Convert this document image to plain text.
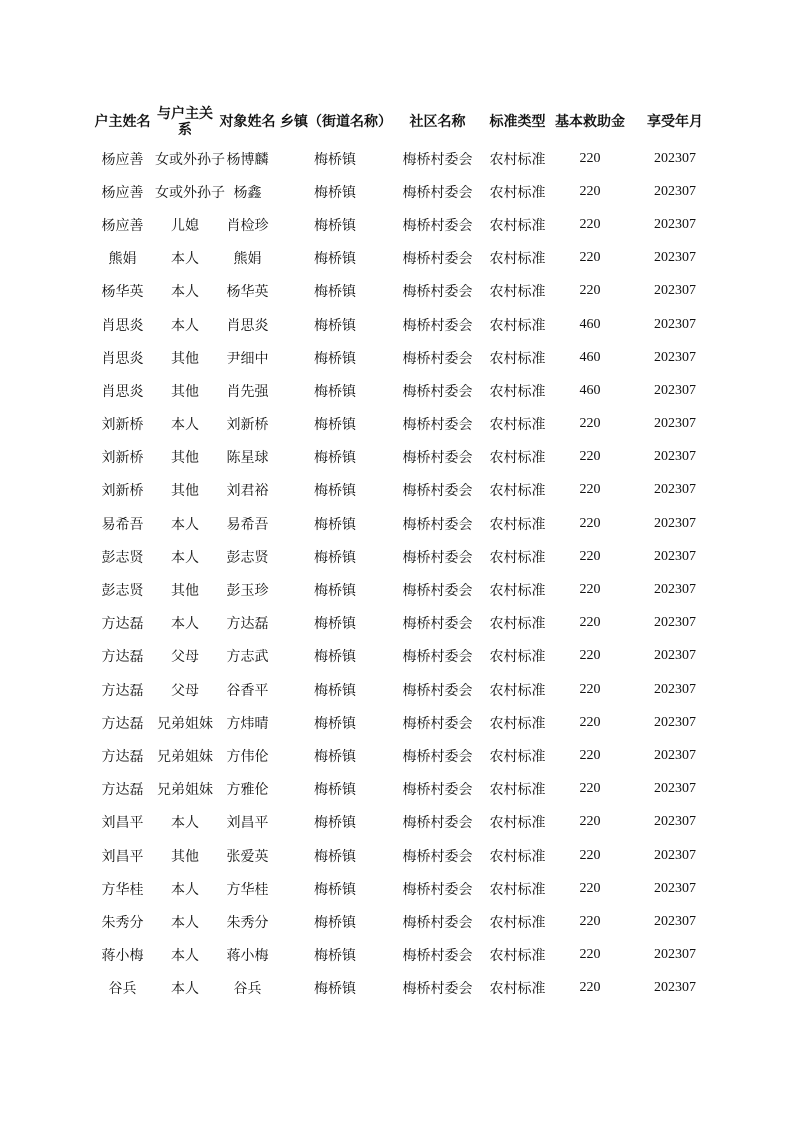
户主姓名	与户主关系	对象姓名	乡镇（街道名称）	社区名称	标准类型	基本救助金	享受年月
杨应善	女或外孙子	杨博麟	梅桥镇	梅桥村委会	农村标准	220	202307
杨应善	女或外孙子	杨鑫	梅桥镇	梅桥村委会	农村标准	220	202307
杨应善	儿媳	肖检珍	梅桥镇	梅桥村委会	农村标准	220	202307
熊娟	本人	熊娟	梅桥镇	梅桥村委会	农村标准	220	202307
杨华英	本人	杨华英	梅桥镇	梅桥村委会	农村标准	220	202307
肖思炎	本人	肖思炎	梅桥镇	梅桥村委会	农村标准	460	202307
肖思炎	其他	尹细中	梅桥镇	梅桥村委会	农村标准	460	202307
肖思炎	其他	肖先强	梅桥镇	梅桥村委会	农村标准	460	202307
刘新桥	本人	刘新桥	梅桥镇	梅桥村委会	农村标准	220	202307
刘新桥	其他	陈星球	梅桥镇	梅桥村委会	农村标准	220	202307
刘新桥	其他	刘君裕	梅桥镇	梅桥村委会	农村标准	220	202307
易希吾	本人	易希吾	梅桥镇	梅桥村委会	农村标准	220	202307
彭志贤	本人	彭志贤	梅桥镇	梅桥村委会	农村标准	220	202307
彭志贤	其他	彭玉珍	梅桥镇	梅桥村委会	农村标准	220	202307
方达磊	本人	方达磊	梅桥镇	梅桥村委会	农村标准	220	202307
方达磊	父母	方志武	梅桥镇	梅桥村委会	农村标准	220	202307
方达磊	父母	谷香平	梅桥镇	梅桥村委会	农村标准	220	202307
方达磊	兄弟姐妹	方炜晴	梅桥镇	梅桥村委会	农村标准	220	202307
方达磊	兄弟姐妹	方伟伦	梅桥镇	梅桥村委会	农村标准	220	202307
方达磊	兄弟姐妹	方雅伦	梅桥镇	梅桥村委会	农村标准	220	202307
刘昌平	本人	刘昌平	梅桥镇	梅桥村委会	农村标准	220	202307
刘昌平	其他	张爱英	梅桥镇	梅桥村委会	农村标准	220	202307
方华桂	本人	方华桂	梅桥镇	梅桥村委会	农村标准	220	202307
朱秀分	本人	朱秀分	梅桥镇	梅桥村委会	农村标准	220	202307
蒋小梅	本人	蒋小梅	梅桥镇	梅桥村委会	农村标准	220	202307
谷兵	本人	谷兵	梅桥镇	梅桥村委会	农村标准	220	202307
